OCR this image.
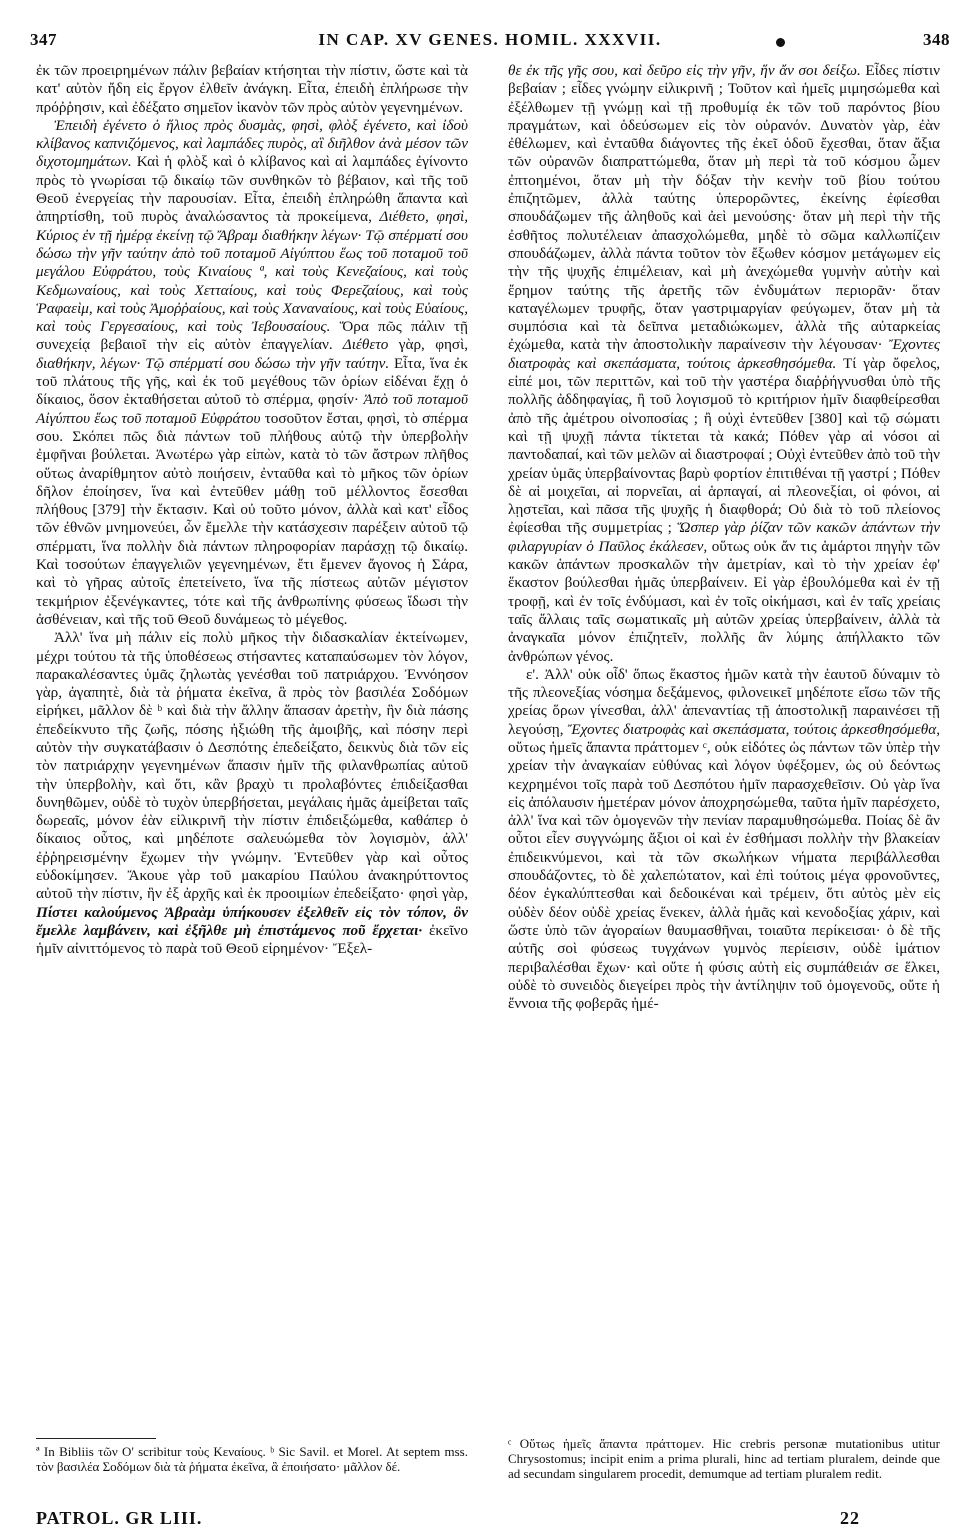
347	IN CAP. XV GENES. HOMIL. XXXVII.	348

ἐκ τῶν προειρημένων πάλιν βεβαίαν κτήσηται τὴν πίστιν, ὥστε καὶ τὰ κατ' αὐτὸν ἤδη εἰς ἔργον ἐλθεῖν ἀνάγκη. Εἶτα, ἐπειδὴ ἐπλήρωσε τὴν πρόῤῥησιν, καὶ ἐδέξατο σημεῖον ἱκανὸν τῶν πρὸς αὐτὸν γεγενημένων.

Ἐπειδὴ ἐγένετο ὁ ἥλιος πρὸς δυσμὰς, φησὶ, φλὸξ ἐγένετο, καὶ ἰδοὺ κλίβανος καπνιζόμενος, καὶ λαμπάδες πυρὸς, αἳ διῆλθον ἀνὰ μέσον τῶν διχοτομημάτων. Καὶ ἡ φλὸξ καὶ ὁ κλίβανος καὶ αἱ λαμπάδες ἐγίνοντο πρὸς τὸ γνωρίσαι τῷ δικαίῳ τῶν συνθηκῶν τὸ βέβαιον, καὶ τῆς τοῦ Θεοῦ ἐνεργείας τὴν παρουσίαν. Εἶτα, ἐπειδὴ ἐπληρώθη ἅπαντα καὶ ἀπηρτίσθη, τοῦ πυρὸς ἀναλώσαντος τὰ προκείμενα, Διέθετο, φησὶ, Κύριος ἐν τῇ ἡμέρᾳ ἐκείνῃ τῷ Ἄβραμ διαθήκην λέγων· Τῷ σπέρματί σου δώσω τὴν γῆν ταύτην ἀπὸ τοῦ ποταμοῦ Αἰγύπτου ἕως τοῦ ποταμοῦ τοῦ μεγάλου Εὐφράτου, τοὺς Κιναίους ª, καὶ τοὺς Κενεζαίους, καὶ τοὺς Κεδμωναίους, καὶ τοὺς Χετταίους, καὶ τοὺς Φερεζαίους, καὶ τοὺς Ῥαφαεὶμ, καὶ τοὺς Ἀμοῤῥαίους, καὶ τοὺς Χαναναίους, καὶ τοὺς Εὐαίους, καὶ τοὺς Γεργεσαίους, καὶ τοὺς Ἰεβουσαίους. Ὅρα πῶς πάλιν τῇ συνεχείᾳ βεβαιοῖ τὴν εἰς αὐτὸν ἐπαγγελίαν. Διέθετο γὰρ, φησὶ, διαθήκην, λέγων· Τῷ σπέρματί σου δώσω τὴν γῆν ταύτην. Εἶτα, ἵνα ἐκ τοῦ πλάτους τῆς γῆς, καὶ ἐκ τοῦ μεγέθους τῶν ὁρίων εἰδέναι ἔχῃ ὁ δίκαιος, ὅσον ἐκταθήσεται αὐτοῦ τὸ σπέρμα, φησίν· Ἀπὸ τοῦ ποταμοῦ Αἰγύπτου ἕως τοῦ ποταμοῦ Εὐφράτου τοσοῦτον ἔσται, φησὶ, τὸ σπέρμα σου. Σκόπει πῶς διὰ πάντων τοῦ πλήθους αὐτῷ τὴν ὑπερβολὴν ἐμφῆναι βούλεται. Ἀνωτέρω γὰρ εἰπὼν, κατὰ τὸ τῶν ἄστρων πλῆθος οὕτως ἀναρίθμητον αὐτὸ ποιήσειν, ἐνταῦθα καὶ τὸ μῆκος τῶν ὁρίων δῆλον ἐποίησεν, ἵνα καὶ ἐντεῦθεν μάθῃ τοῦ μέλλοντος ἔσεσθαι πλήθους [379] τὴν ἔκτασιν. Καὶ οὐ τοῦτο μόνον, ἀλλὰ καὶ κατ' εἶδος τῶν ἐθνῶν μνημονεύει, ὧν ἔμελλε τὴν κατάσχεσιν παρέξειν αὐτοῦ τῷ σπέρματι, ἵνα πολλὴν διὰ πάντων πληροφορίαν παράσχῃ τῷ δικαίῳ. Καὶ τοσούτων ἐπαγγελιῶν γεγενημένων, ἔτι ἔμενεν ἄγονος ἡ Σάρα, καὶ τὸ γῆρας αὐτοῖς ἐπετείνετο, ἵνα τῆς πίστεως αὐτῶν μέγιστον τεκμήριον ἐξενέγκαντες, τότε καὶ τῆς ἀνθρωπίνης φύσεως ἴδωσι τὴν ἀσθένειαν, καὶ τῆς τοῦ Θεοῦ δυνάμεως τὸ μέγεθος.

Ἀλλ' ἵνα μὴ πάλιν εἰς πολὺ μῆκος τὴν διδασκαλίαν ἐκτείνωμεν, μέχρι τούτου τὰ τῆς ὑποθέσεως στήσαντες καταπαύσωμεν τὸν λόγον, παρακαλέσαντες ὑμᾶς ζηλωτὰς γενέσθαι τοῦ πατριάρχου. Ἐννόησον γὰρ, ἀγαπητὲ, διὰ τὰ ῥήματα ἐκεῖνα, ἃ πρὸς τὸν βασιλέα Σοδόμων εἰρήκει, μᾶλλον δὲ ᵇ καὶ διὰ τὴν ἄλλην ἅπασαν ἀρετὴν, ἣν διὰ πάσης ἐπεδείκνυτο τῆς ζωῆς, πόσης ἠξιώθη τῆς ἀμοιβῆς, καὶ πόσην περὶ αὐτὸν τὴν συγκατάβασιν ὁ Δεσπότης ἐπεδείξατο, δεικνὺς διὰ τῶν εἰς τὸν πατριάρχην γεγενημένων ἅπασιν ἡμῖν τῆς φιλανθρωπίας αὐτοῦ τὴν ὑπερβολὴν, καὶ ὅτι, κἂν βραχὺ τι προλαβόντες ἐπιδείξασθαι δυνηθῶμεν, οὐδὲ τὸ τυχὸν ὑπερβήσεται, μεγάλαις ἡμᾶς ἀμείβεται ταῖς δωρεαῖς, μόνον ἐὰν εἰλικρινῆ τὴν πίστιν ἐπιδειξώμεθα, καθάπερ ὁ δίκαιος οὗτος, καὶ μηδέποτε σαλευώμεθα τὸν λογισμὸν, ἀλλ' ἐῤῥηρεισμένην ἔχωμεν τὴν γνώμην. Ἐντεῦθεν γὰρ καὶ οὗτος εὐδοκίμησεν. Ἄκουε γὰρ τοῦ μακαρίου Παύλου ἀνακηρύττοντος αὐτοῦ τὴν πίστιν, ἣν ἐξ ἀρχῆς καὶ ἐκ προοιμίων ἐπεδείξατο· φησὶ γὰρ, Πίστει καλούμενος Ἀβραὰμ ὑπήκουσεν ἐξελθεῖν εἰς τὸν τόπον, ὃν ἔμελλε λαμβάνειν, καὶ ἐξῆλθε μὴ ἐπιστάμενος ποῦ ἔρχεται· ἐκεῖνο ἡμῖν αἰνιττόμενος τὸ παρὰ τοῦ Θεοῦ εἰρημένον· Ἔξελ-

θε ἐκ τῆς γῆς σου, καὶ δεῦρο εἰς τὴν γῆν, ἥν ἄν σοι δείξω. Εἶδες πίστιν βεβαίαν ; εἶδες γνώμην εἰλικρινῆ ; Τοῦτον καὶ ἡμεῖς μιμησώμεθα καὶ ἐξέλθωμεν τῇ γνώμῃ καὶ τῇ προθυμίᾳ ἐκ τῶν τοῦ παρόντος βίου πραγμάτων, καὶ ὁδεύσωμεν εἰς τὸν οὐρανόν. Δυνατὸν γὰρ, ἐὰν ἐθέλωμεν, καὶ ἐνταῦθα διάγοντες τῆς ἐκεῖ ὁδοῦ ἔχεσθαι, ὅταν ἄξια τῶν οὐρανῶν διαπραττώμεθα, ὅταν μὴ περὶ τὰ τοῦ κόσμου ὦμεν ἐπτοημένοι, ὅταν μὴ τὴν δόξαν τὴν κενὴν τοῦ βίου τούτου ἐπιζητῶμεν, ἀλλὰ ταύτης ὑπερορῶντες, ἐκείνης ἐφίεσθαι σπουδάζωμεν τῆς ἀληθοῦς καὶ ἀεὶ μενούσης· ὅταν μὴ περὶ τὴν τῆς ἐσθῆτος πολυτέλειαν ἀπασχολώμεθα, μηδὲ τὸ σῶμα καλλωπίζειν σπουδάζωμεν, ἀλλὰ πάντα τοῦτον τὸν ἔξωθεν κόσμον μετάγωμεν εἰς τὴν τῆς ψυχῆς ἐπιμέλειαν, καὶ μὴ ἀνεχώμεθα γυμνὴν αὐτὴν καὶ ἔρημον ταύτης τῆς ἀρετῆς τῶν ἐνδυμάτων περιορᾶν· ὅταν καταγέλωμεν τρυφῆς, ὅταν γαστριμαργίαν φεύγωμεν, ὅταν μὴ τὰ συμπόσια καὶ τὰ δεῖπνα μεταδιώκωμεν, ἀλλὰ τῆς αὐταρκείας ἐχώμεθα, κατὰ τὴν ἀποστολικὴν παραίνεσιν τὴν λέγουσαν· Ἔχοντες διατροφὰς καὶ σκεπάσματα, τούτοις ἀρκεσθησόμεθα. Τί γὰρ ὄφελος, εἰπέ μοι, τῶν περιττῶν, καὶ τοῦ τὴν γαστέρα διαῤῥήγνυσθαι ὑπὸ τῆς πολλῆς ἀδδηφαγίας, ἢ τοῦ λογισμοῦ τὸ κριτήριον ἡμῖν διαφθείρεσθαι ἀπὸ τῆς ἀμέτρου οἰνοποσίας ; ἢ οὐχὶ ἐντεῦθεν [380] καὶ τῷ σώματι καὶ τῇ ψυχῇ πάντα τίκτεται τὰ κακά; Πόθεν γὰρ αἱ νόσοι αἱ παντοδαπαί, καὶ τῶν μελῶν αἱ διαστροφαί ; Οὐχὶ ἐντεῦθεν ἀπὸ τοῦ τὴν χρείαν ὑμᾶς ὑπερβαίνοντας βαρὺ φορτίον ἐπιτιθέναι τῇ γαστρί ; Πόθεν δὲ αἱ μοιχεῖαι, αἱ πορνεῖαι, αἱ ἁρπαγαί, αἱ πλεονεξίαι, οἱ φόνοι, αἱ λῃστεῖαι, καὶ πᾶσα τῆς ψυχῆς ἡ διαφθορά; Οὐ διὰ τὸ τοῦ πλείονος ἐφίεσθαι τῆς συμμετρίας ; Ὥσπερ γὰρ ῥίζαν τῶν κακῶν ἁπάντων τὴν φιλαργυρίαν ὁ Παῦλος ἐκάλεσεν, οὕτως οὐκ ἄν τις ἁμάρτοι πηγὴν τῶν κακῶν ἁπάντων προσκαλῶν τὴν ἀμετρίαν, καὶ τὸ τὴν χρείαν ἐφ' ἕκαστον βούλεσθαι ἡμᾶς ὑπερβαίνειν. Εἰ γὰρ ἐβουλόμεθα καὶ ἐν τῇ τροφῇ, καὶ ἐν τοῖς ἐνδύμασι, καὶ ἐν τοῖς οἰκήμασι, καὶ ἐν ταῖς χρείαις ταῖς ἄλλαις ταῖς σωματικαῖς μὴ αὐτῶν χρείας ὑπερβαίνειν, ἀλλὰ τὰ ἀναγκαῖα μόνον ἐπιζητεῖν, πολλῆς ἂν λύμης ἀπήλλακτο τῶν ἀνθρώπων γένος.

ε'. Ἀλλ' οὐκ οἶδ' ὅπως ἕκαστος ἡμῶν κατὰ τὴν ἑαυτοῦ δύναμιν τὸ τῆς πλεονεξίας νόσημα δεξάμενος, φιλονεικεῖ μηδέποτε εἴσω τῶν τῆς χρείας ὅρων γίνεσθαι, ἀλλ' ἀπεναντίας τῇ ἀποστολικῇ παραινέσει τῇ λεγούσῃ, Ἔχοντες διατροφὰς καὶ σκεπάσματα, τούτοις ἀρκεσθησόμεθα, οὕτως ἡμεῖς ἅπαντα πράττομεν ᶜ, οὐκ εἰδότες ὡς πάντων τῶν ὑπὲρ τὴν χρείαν τὴν ἀναγκαίαν εὐθύνας καὶ λόγον ὑφέξομεν, ὡς οὐ δεόντως κεχρημένοι τοῖς παρὰ τοῦ Δεσπότου ἡμῖν παρασχεθεῖσιν. Οὐ γὰρ ἵνα εἰς ἀπόλαυσιν ἡμετέραν μόνον ἀποχρησώμεθα, ταῦτα ἡμῖν παρέσχετο, ἀλλ' ἵνα καὶ τῶν ὁμογενῶν τὴν πενίαν παραμυθησώμεθα. Ποίας δὲ ἂν οὗτοι εἶεν συγγνώμης ἄξιοι οἱ καὶ ἐν ἐσθήμασι πολλὴν τὴν βλακείαν ἐπιδεικνύμενοι, καὶ τὰ τῶν σκωλήκων νήματα περιβάλλεσθαι σπουδάζοντες, τὸ δὲ χαλεπώτατον, καὶ ἐπὶ τούτοις μέγα φρονοῦντες, δέον ἐγκαλύπτεσθαι καὶ δεδοικέναι καὶ τρέμειν, ὅτι αὐτὸς μὲν εἰς οὐδὲν δέον οὐδὲ χρείας ἕνεκεν, ἀλλὰ ἡμᾶς καὶ κενοδοξίας χάριν, καὶ ὥστε ὑπὸ τῶν ἀγοραίων θαυμασθῆναι, τοιαῦτα περίκεισαι· ὁ δὲ τῆς αὐτῆς σοὶ φύσεως τυγχάνων γυμνὸς περίεισιν, οὐδὲ ἱμάτιον περιβαλέσθαι ἔχων· καὶ οὔτε ἡ φύσις αὐτὴ εἰς συμπάθειάν σε ἕλκει, οὐδὲ τὸ συνειδὸς διεγείρει πρὸς τὴν ἀντίληψιν τοῦ ὁμογενοῦς, οὔτε ἡ ἔννοια τῆς φοβερᾶς ἡμέ-

ª In Bibliis τῶν O' scribitur τοὺς Κεναίους. ᵇ Sic Savil. et Morel. At septem mss. τὸν βασιλέα Σοδόμων διὰ τὰ ῥήματα ἐκεῖνα, ἃ ἐποιήσατο· μᾶλλον δέ.
ᶜ Οὕτως ἡμεῖς ἅπαντα πράττομεν. Hic crebris personæ mutationibus utitur Chrysostomus; incipit enim a prima plurali, hinc ad tertiam pluralem, deinde que ad secundam singularem procedit, demumque ad tertiam pluralem redit.
PATROL. GR LIII.	22
